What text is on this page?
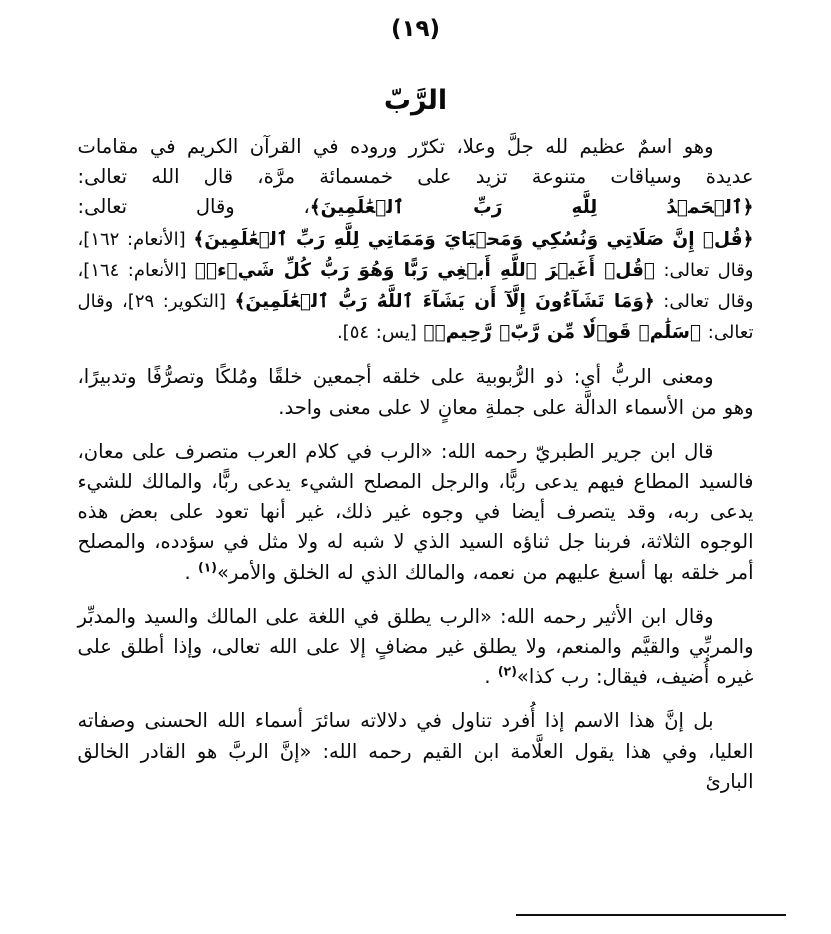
(١٩)
الرَّبّ

وهو اسمٌ عظيم لله جلَّ وعلا، تكرّر وروده في القرآن الكريم في مقامات عديدة وسياقات متنوعة تزيد على خمسمائة مرَّة، قال الله تعالى: ﴿ٱلۡحَمۡدُ لِلَّهِ رَبِّ ٱلۡعَٰلَمِينَ﴾، وقال تعالى: ﴿قُلۡ إِنَّ صَلَاتِي وَنُسُكِي وَمَحۡيَايَ وَمَمَاتِي لِلَّهِ رَبِّ ٱلۡعَٰلَمِينَ﴾ [الأنعام: ١٦٢]، وقال تعالى: ﴿قُلۡ أَغَيۡرَ ٱللَّهِ أَبۡغِي رَبًّا وَهُوَ رَبُّ كُلِّ شَيۡءٖ﴾ [الأنعام: ١٦٤]، وقال تعالى: ﴿وَمَا تَشَآءُونَ إِلَّآ أَن يَشَآءَ ٱللَّهُ رَبُّ ٱلۡعَٰلَمِينَ﴾ [التكوير: ٢٩]، وقال تعالى: ﴿سَلَٰمٞ قَوۡلٗا مِّن رَّبّٖ رَّحِيمٖ﴾ [يس: ٥٤].

ومعنى الربُّ أي: ذو الرُّبوبية على خلقه أجمعين خلقًا ومُلكًا وتصرُّفًا وتدبيرًا، وهو من الأسماء الدالَّة على جملةِ معانٍ لا على معنى واحد.

قال ابن جرير الطبريّ رحمه الله: «الرب في كلام العرب متصرف على معان، فالسيد المطاع فيهم يدعى ربًّا، والرجل المصلح الشيء يدعى ربًّا، والمالك للشيء يدعى ربه، وقد يتصرف أيضا في وجوه غير ذلك، غير أنها تعود على بعض هذه الوجوه الثلاثة، فربنا جل ثناؤه السيد الذي لا شبه له ولا مثل في سؤدده، والمصلح أمر خلقه بها أسبغ عليهم من نعمه، والمالك الذي له الخلق والأمر»$^{(١)}$ .

وقال ابن الأثير رحمه الله: «الرب يطلق في اللغة على المالك والسيد والمدبِّر والمربِّي والقيَّم والمنعم، ولا يطلق غير مضافٍ إلا على الله تعالى، وإذا أطلق على غيره أُضيف، فيقال: رب كذا»$^{(٢)}$ .

بل إنَّ هذا الاسم إذا أُفرد تناول في دلالاته سائرَ أسماء الله الحسنى وصفاته العليا، وفي هذا يقول العلَّامة ابن القيم رحمه الله: «إنَّ الربَّ هو القادر الخالق البارئ
